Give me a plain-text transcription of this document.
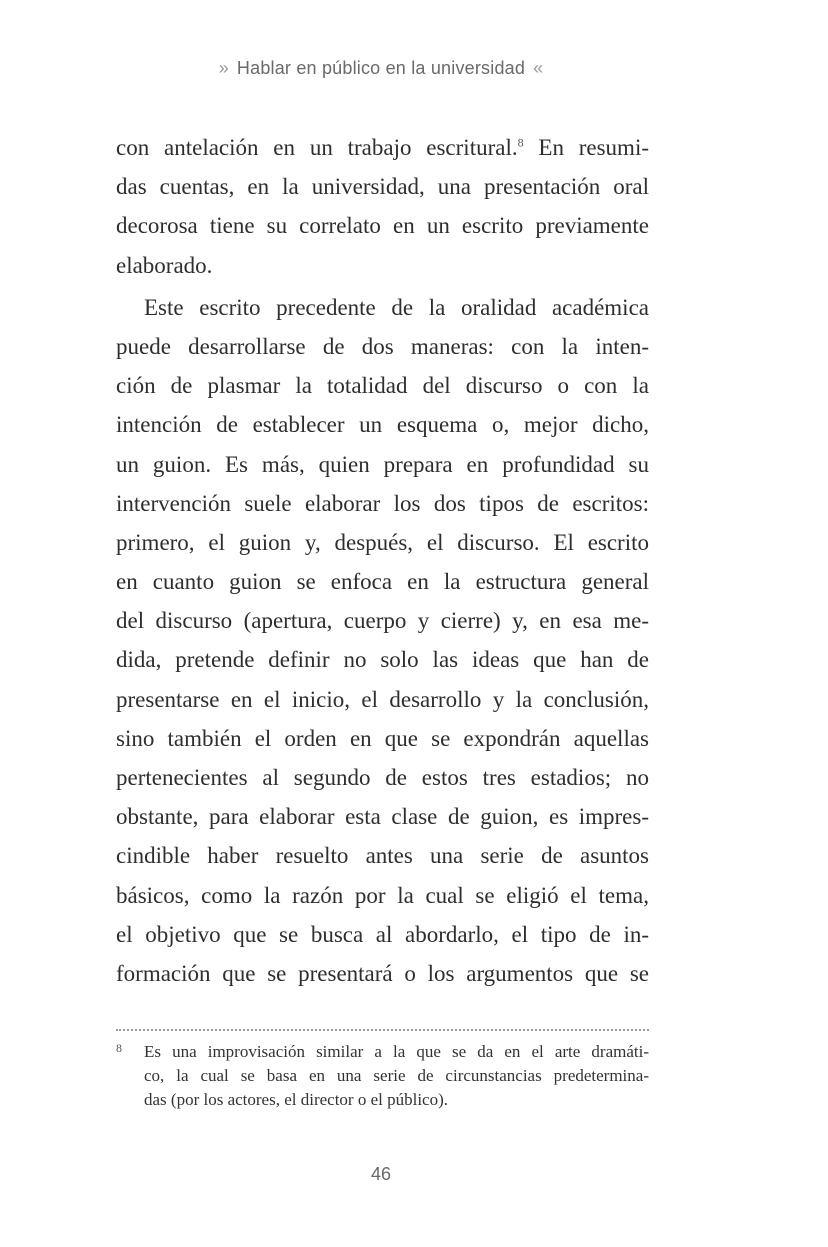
» Hablar en público en la universidad «
con antelación en un trabajo escritural.$^8$ En resumi-
das cuentas, en la universidad, una presentación oral
decorosa tiene su correlato en un escrito previamente
elaborado.
Este escrito precedente de la oralidad académica
puede desarrollarse de dos maneras: con la inten-
ción de plasmar la totalidad del discurso o con la
intención de establecer un esquema o, mejor dicho,
un guion. Es más, quien prepara en profundidad su
intervención suele elaborar los dos tipos de escritos:
primero, el guion y, después, el discurso. El escrito
en cuanto guion se enfoca en la estructura general
del discurso (apertura, cuerpo y cierre) y, en esa me-
dida, pretende definir no solo las ideas que han de
presentarse en el inicio, el desarrollo y la conclusión,
sino también el orden en que se expondrán aquellas
pertenecientes al segundo de estos tres estadios; no
obstante, para elaborar esta clase de guion, es impres-
cindible haber resuelto antes una serie de asuntos
básicos, como la razón por la cual se eligió el tema,
el objetivo que se busca al abordarlo, el tipo de in-
formación que se presentará o los argumentos que se
8 Es una improvisación similar a la que se da en el arte dramáti-
co, la cual se basa en una serie de circunstancias predetermina-
das (por los actores, el director o el público).
46
